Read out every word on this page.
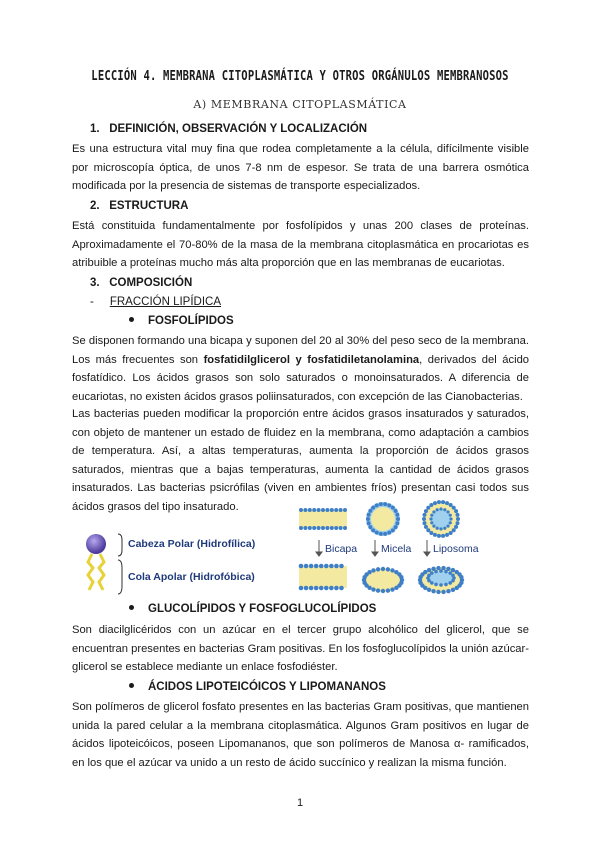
LECCIÓN 4. MEMBRANA CITOPLASMÁTICA Y OTROS ORGÁNULOS MEMBRANOSOS
A) MEMBRANA CITOPLASMÁTICA
1. DEFINICIÓN, OBSERVACIÓN Y LOCALIZACIÓN

Es una estructura vital muy fina que rodea completamente a la célula, difícilmente visible por microscopía óptica, de unos 7-8 nm de espesor. Se trata de una barrera osmótica modificada por la presencia de sistemas de transporte especializados.

2. ESTRUCTURA

Está constituida fundamentalmente por fosfolípidos y unas 200 clases de proteínas. Aproximadamente el 70-80% de la masa de la membrana citoplasmática en procariotas es atribuible a proteínas mucho más alta proporción que en las membranas de eucariotas.

3. COMPOSICIÓN
- FRACCIÓN LIPÍDICA
FOSFOLÍPIDOS

Se disponen formando una bicapa y suponen del 20 al 30% del peso seco de la membrana. Los más frecuentes son fosfatidilglicerol y fosfatidiletanolamina, derivados del ácido fosfatídico. Los ácidos grasos son solo saturados o monoinsaturados. A diferencia de eucariotas, no existen ácidos grasos poliinsaturados, con excepción de las Cianobacterias.

Las bacterias pueden modificar la proporción entre ácidos grasos insaturados y saturados, con objeto de mantener un estado de fluidez en la membrana, como adaptación a cambios de temperatura. Así, a altas temperaturas, aumenta la proporción de ácidos grasos saturados, mientras que a bajas temperaturas, aumenta la cantidad de ácidos grasos insaturados. Las bacterias psicrófilas (viven en ambientes fríos) presentan casi todos sus ácidos grasos del tipo insaturado.

Cabeza Polar (Hidrofílica)
Cola Apolar (Hidrofóbica)
Bicapa Micela Liposoma
GLUCOLÍPIDOS Y FOSFOGLUCOLÍPIDOS

Son diacilglicéridos con un azúcar en el tercer grupo alcohólico del glicerol, que se encuentran presentes en bacterias Gram positivas. En los fosfoglucolípidos la unión azúcar-glicerol se establece mediante un enlace fosfodiéster.

ÁCIDOS LIPOTEICÓICOS Y LIPOMANANOS

Son polímeros de glicerol fosfato presentes en las bacterias Gram positivas, que mantienen unida la pared celular a la membrana citoplasmática. Algunos Gram positivos en lugar de ácidos lipoteicóicos, poseen Lipomananos, que son polímeros de Manosa α- ramificados, en los que el azúcar va unido a un resto de ácido succínico y realizan la misma función.

1
